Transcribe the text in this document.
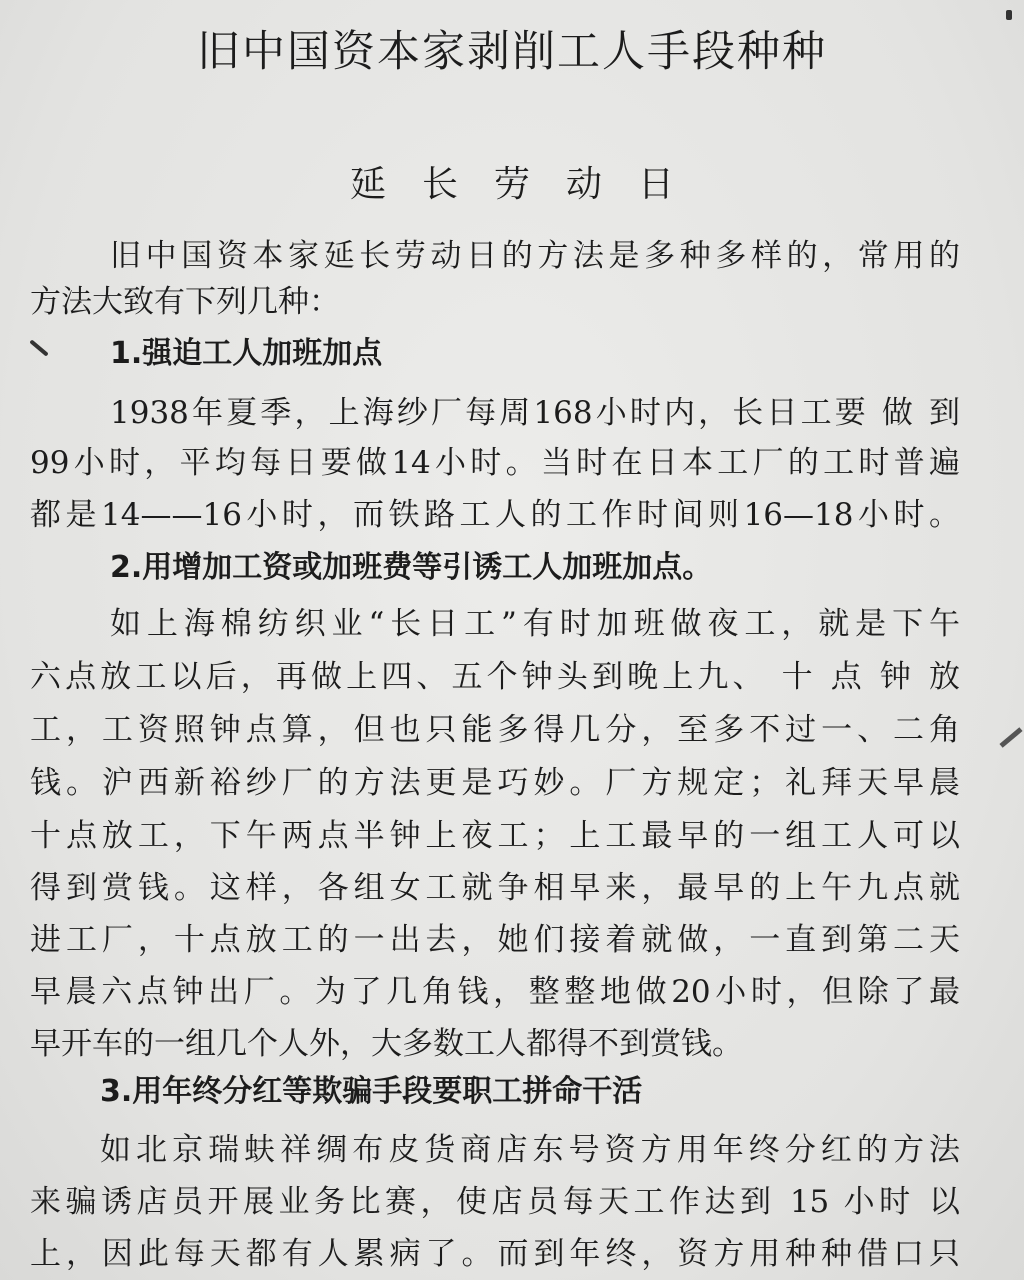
旧中国资本家剥削工人手段种种
延长劳动日
旧中国资本家延长劳动日的方法是多种多样的，常用的
方法大致有下列几种：
1.强迫工人加班加点
1938年夏季，上海纱厂每周168小时内，长日工要 做 到
99小时，平均每日要做14小时。当时在日本工厂的工时普遍
都是14——16小时，而铁路工人的工作时间则16—18小时。
2.用增加工资或加班费等引诱工人加班加点。
如上海棉纺织业“长日工”有时加班做夜工，就是下午
六点放工以后，再做上四、五个钟头到晚上九、 十 点 钟 放
工，工资照钟点算，但也只能多得几分，至多不过一、二角
钱。沪西新裕纱厂的方法更是巧妙。厂方规定；礼拜天早晨
十点放工，下午两点半钟上夜工；上工最早的一组工人可以
得到赏钱。这样，各组女工就争相早来，最早的上午九点就
进工厂，十点放工的一出去，她们接着就做，一直到第二天
早晨六点钟出厂。为了几角钱，整整地做20小时，但除了最
早开车的一组几个人外，大多数工人都得不到赏钱。
3.用年终分红等欺骗手段要职工拼命干活
如北京瑞蚨祥绸布皮货商店东号资方用年终分红的方法
来骗诱店员开展业务比赛，使店员每天工作达到 15 小时 以
上，因此每天都有人累病了。而到年终，资方用种种借口只
